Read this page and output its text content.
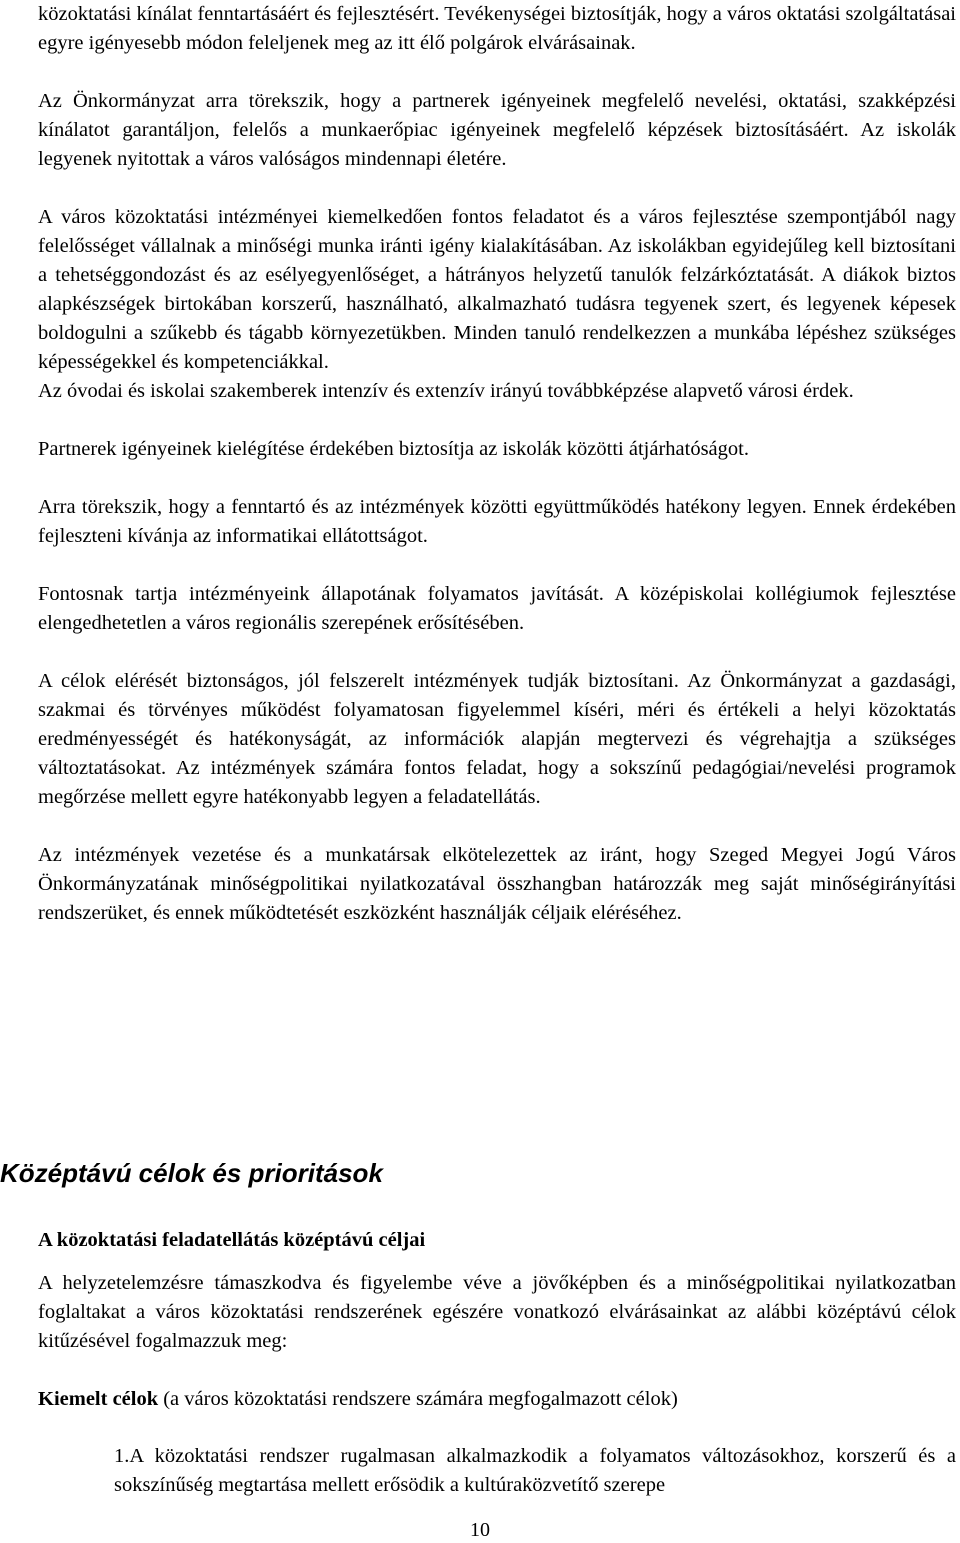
közoktatási kínálat fenntartásáért és fejlesztésért. Tevékenységei biztosítják, hogy a város oktatási szolgáltatásai egyre igényesebb módon feleljenek meg az itt élő polgárok elvárásainak.

Az Önkormányzat arra törekszik, hogy a partnerek igényeinek megfelelő nevelési, oktatási, szakképzési kínálatot garantáljon, felelős a munkaerőpiac igényeinek megfelelő képzések biztosításáért. Az iskolák legyenek nyitottak a város valóságos mindennapi életére.

A város közoktatási intézményei kiemelkedően fontos feladatot és a város fejlesztése szempontjából nagy felelősséget vállalnak a minőségi munka iránti igény kialakításában. Az iskolákban egyidejűleg kell biztosítani a tehetséggondozást és az esélyegyenlőséget, a hátrányos helyzetű tanulók felzárkóztatását. A diákok biztos alapkészségek birtokában korszerű, használható, alkalmazható tudásra tegyenek szert, és legyenek képesek boldogulni a szűkebb és tágabb környezetükben. Minden tanuló rendelkezzen a munkába lépéshez szükséges képességekkel és kompetenciákkal.

Az óvodai és iskolai szakemberek intenzív és extenzív irányú továbbképzése alapvető városi érdek.

Partnerek igényeinek kielégítése érdekében biztosítja az iskolák közötti átjárhatóságot.

Arra törekszik, hogy a fenntartó és az intézmények közötti együttműködés hatékony legyen. Ennek érdekében fejleszteni kívánja az informatikai ellátottságot.

Fontosnak tartja intézményeink állapotának folyamatos javítását. A középiskolai kollégiumok fejlesztése elengedhetetlen a város regionális szerepének erősítésében.

A célok elérését biztonságos, jól felszerelt intézmények tudják biztosítani. Az Önkormányzat a gazdasági, szakmai és törvényes működést folyamatosan figyelemmel kíséri, méri és értékeli a helyi közoktatás eredményességét és hatékonyságát, az információk alapján megtervezi és végrehajtja a szükséges változtatásokat. Az intézmények számára fontos feladat, hogy a sokszínű pedagógiai/nevelési programok megőrzése mellett egyre hatékonyabb legyen a feladatellátás.

Az intézmények vezetése és a munkatársak elkötelezettek az iránt, hogy Szeged Megyei Jogú Város Önkormányzatának minőségpolitikai nyilatkozatával összhangban határozzák meg saját minőségirányítási rendszerüket, és ennek működtetését eszközként használják céljaik eléréséhez.

Középtávú célok és prioritások
A közoktatási feladatellátás középtávú céljai

A helyzetelemzésre támaszkodva és figyelembe véve a jövőképben és a minőségpolitikai nyilatkozatban foglaltakat a város közoktatási rendszerének egészére vonatkozó elvárásainkat az alábbi középtávú célok kitűzésével fogalmazzuk meg:

Kiemelt célok (a város közoktatási rendszere számára megfogalmazott célok)

1.A közoktatási rendszer rugalmasan alkalmazkodik a folyamatos változásokhoz, korszerű és a sokszínűség megtartása mellett erősödik a kultúraközvetítő szerepe

10
